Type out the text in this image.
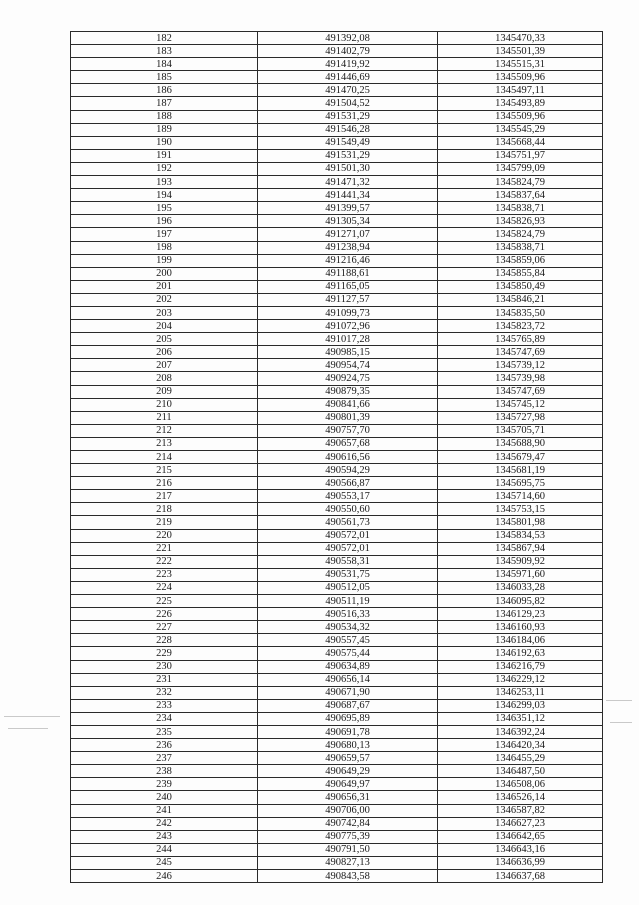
182	491392,08	1345470,33
183	491402,79	1345501,39
184	491419,92	1345515,31
185	491446,69	1345509,96
186	491470,25	1345497,11
187	491504,52	1345493,89
188	491531,29	1345509,96
189	491546,28	1345545,29
190	491549,49	1345668,44
191	491531,29	1345751,97
192	491501,30	1345799,09
193	491471,32	1345824,79
194	491441,34	1345837,64
195	491399,57	1345838,71
196	491305,34	1345826,93
197	491271,07	1345824,79
198	491238,94	1345838,71
199	491216,46	1345859,06
200	491188,61	1345855,84
201	491165,05	1345850,49
202	491127,57	1345846,21
203	491099,73	1345835,50
204	491072,96	1345823,72
205	491017,28	1345765,89
206	490985,15	1345747,69
207	490954,74	1345739,12
208	490924,75	1345739,98
209	490879,35	1345747,69
210	490841,66	1345745,12
211	490801,39	1345727,98
212	490757,70	1345705,71
213	490657,68	1345688,90
214	490616,56	1345679,47
215	490594,29	1345681,19
216	490566,87	1345695,75
217	490553,17	1345714,60
218	490550,60	1345753,15
219	490561,73	1345801,98
220	490572,01	1345834,53
221	490572,01	1345867,94
222	490558,31	1345909,92
223	490531,75	1345971,60
224	490512,05	1346033,28
225	490511,19	1346095,82
226	490516,33	1346129,23
227	490534,32	1346160,93
228	490557,45	1346184,06
229	490575,44	1346192,63
230	490634,89	1346216,79
231	490656,14	1346229,12
232	490671,90	1346253,11
233	490687,67	1346299,03
234	490695,89	1346351,12
235	490691,78	1346392,24
236	490680,13	1346420,34
237	490659,57	1346455,29
238	490649,29	1346487,50
239	490649,97	1346508,06
240	490656,31	1346526,14
241	490706,00	1346587,82
242	490742,84	1346627,23
243	490775,39	1346642,65
244	490791,50	1346643,16
245	490827,13	1346636,99
246	490843,58	1346637,68
